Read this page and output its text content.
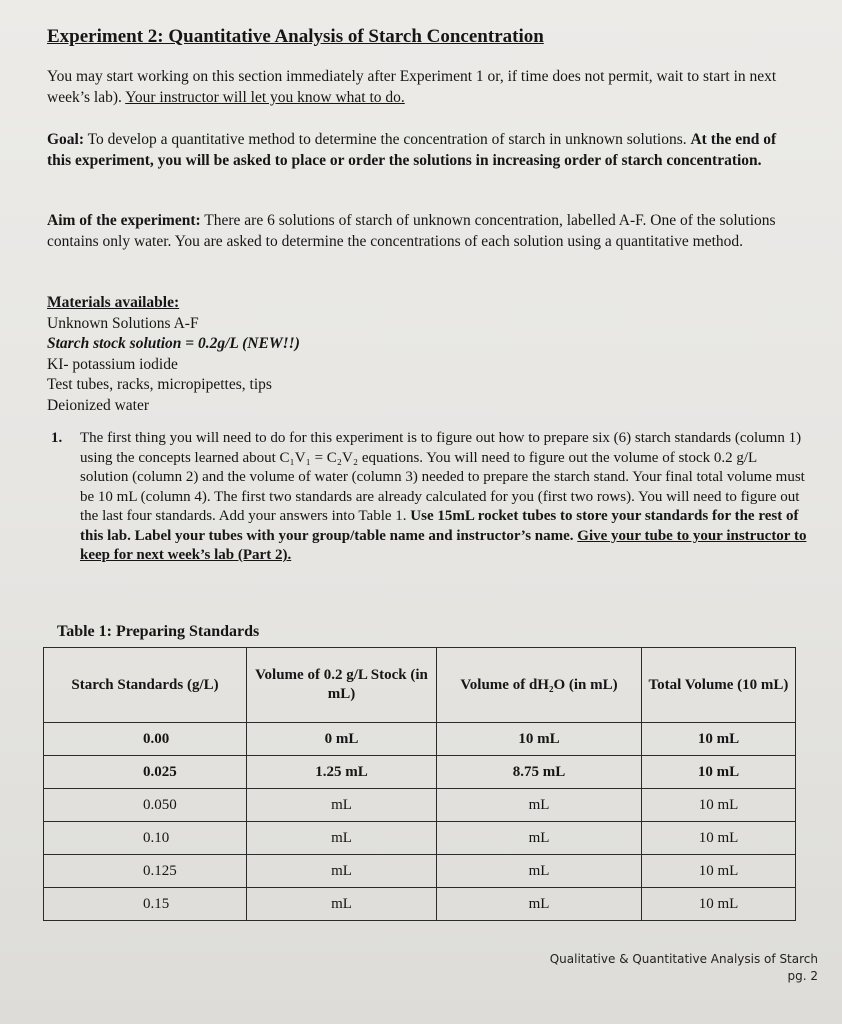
Experiment 2: Quantitative Analysis of Starch Concentration
You may start working on this section immediately after Experiment 1 or, if time does not permit, wait to start in next week’s lab). Your instructor will let you know what to do.
Goal: To develop a quantitative method to determine the concentration of starch in unknown solutions. At the end of this experiment, you will be asked to place or order the solutions in increasing order of starch concentration.
Aim of the experiment: There are 6 solutions of starch of unknown concentration, labelled A-F. One of the solutions contains only water. You are asked to determine the concentrations of each solution using a quantitative method.
Materials available:
Unknown Solutions A-F
Starch stock solution = 0.2g/L (NEW!!)
KI- potassium iodide
Test tubes, racks, micropipettes, tips
Deionized water
1. The first thing you will need to do for this experiment is to figure out how to prepare six (6) starch standards (column 1) using the concepts learned about C₁V₁ = C₂V₂ equations. You will need to figure out the volume of stock 0.2 g/L solution (column 2) and the volume of water (column 3) needed to prepare the starch stand. Your final total volume must be 10 mL (column 4). The first two standards are already calculated for you (first two rows). You will need to figure out the last four standards. Add your answers into Table 1. Use 15mL rocket tubes to store your standards for the rest of this lab. Label your tubes with your group/table name and instructor’s name. Give your tube to your instructor to keep for next week’s lab (Part 2).
Table 1: Preparing Standards
Starch Standards (g/L)	Volume of 0.2 g/L Stock (in mL)	Volume of dH₂O (in mL)	Total Volume (10 mL)
0.00	0 mL	10 mL	10 mL
0.025	1.25 mL	8.75 mL	10 mL
0.050	mL	mL	10 mL
0.10	mL	mL	10 mL
0.125	mL	mL	10 mL
0.15	mL	mL	10 mL
Qualitative & Quantitative Analysis of Starch
pg. 2
